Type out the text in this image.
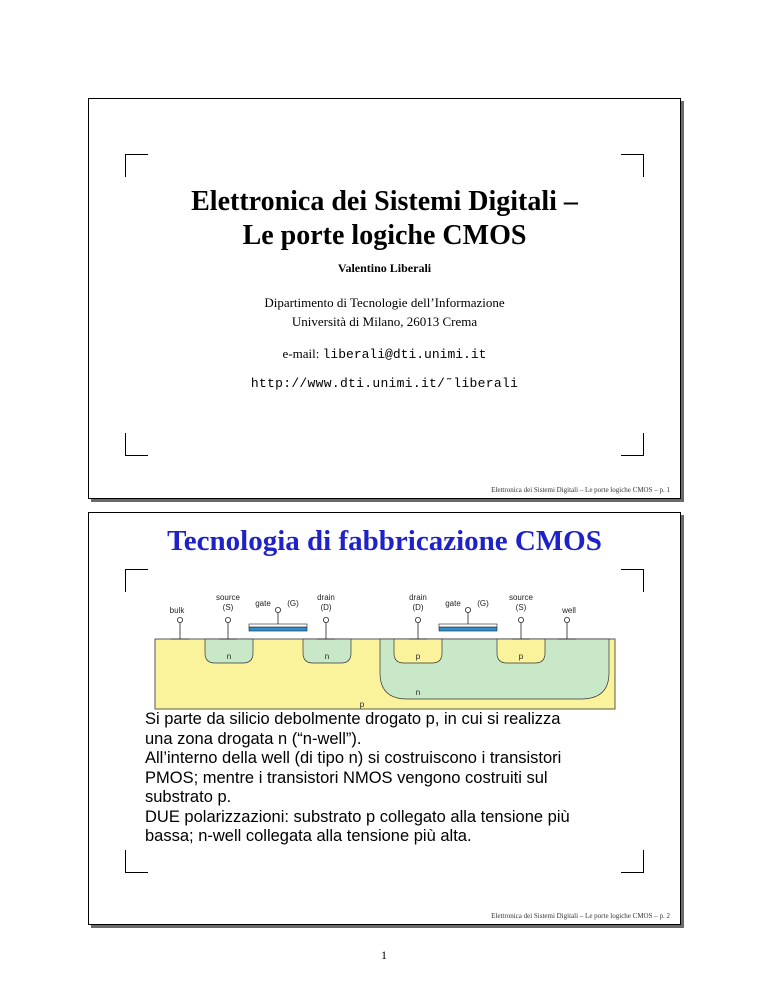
Elettronica dei Sistemi Digitali –
Le porte logiche CMOS
Valentino Liberali
Dipartimento di Tecnologie dell’Informazione
Università di Milano, 26013 Crema
e-mail: liberali@dti.unimi.it
http://www.dti.unimi.it/˜liberali
Elettronica dei Sistemi Digitali – Le porte logiche CMOS – p. 1
Tecnologia di fabbricazione CMOS
bulk
source
(S)	gate (G)
drain
(D)
drain
(D)	gate (G)
source
(S)	well
n	n	p	p
n
p
Si parte da silicio debolmente drogato p, in cui si realizza
una zona drogata n (“n-well”).
All’interno della well (di tipo n) si costruiscono i transistori
PMOS; mentre i transistori NMOS vengono costruiti sul
substrato p.
DUE polarizzazioni: substrato p collegato alla tensione più
bassa; n-well collegata alla tensione più alta.
Elettronica dei Sistemi Digitali – Le porte logiche CMOS – p. 2
1
